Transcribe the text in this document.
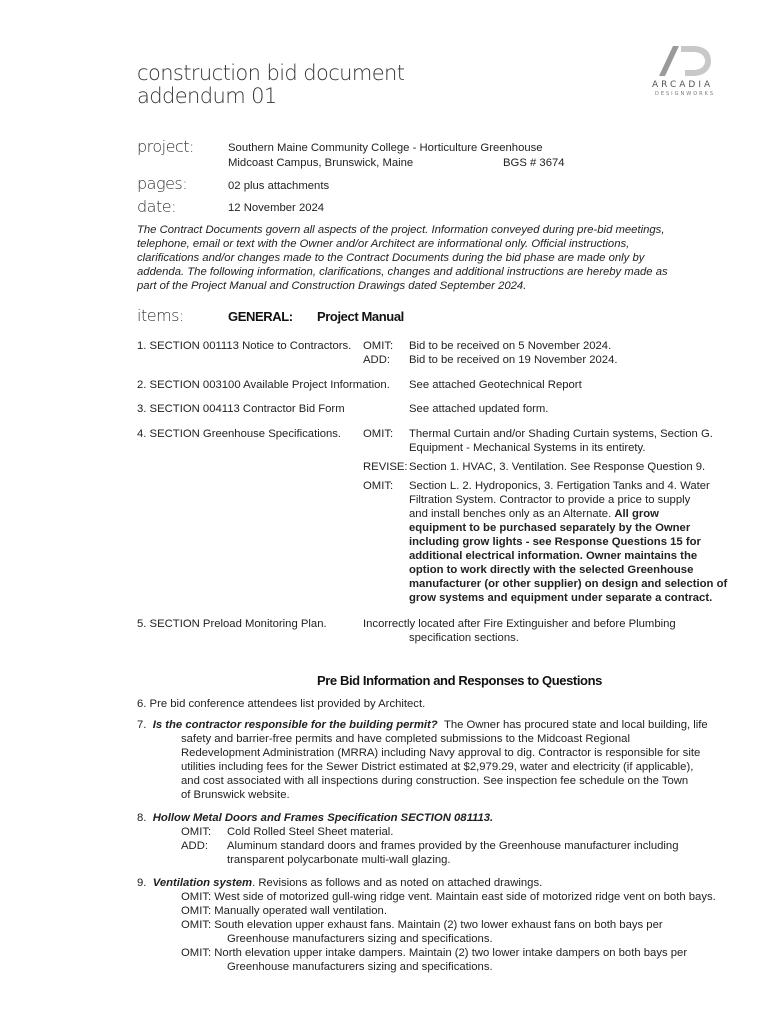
ARCADIA
DESIGNWORKS
construction bid document
addendum 01
project:	Southern Maine Community College - Horticulture Greenhouse
Midcoast Campus, Brunswick, Maine	BGS # 3674
pages:	02 plus attachments
date:	12 November 2024
The Contract Documents govern all aspects of the project. Information conveyed during pre-bid meetings,
telephone, email or text with the Owner and/or Architect are informational only. Official instructions,
clarifications and/or changes made to the Contract Documents during the bid phase are made only by
addenda. The following information, clarifications, changes and additional instructions are hereby made as
part of the Project Manual and Construction Drawings dated September 2024.
items:	GENERAL: Project Manual
1. SECTION 001113 Notice to Contractors. OMIT: Bid to be received on 5 November 2024.
ADD: Bid to be received on 19 November 2024.
2. SECTION 003100 Available Project Information. See attached Geotechnical Report
3. SECTION 004113 Contractor Bid Form	See attached updated form.
4. SECTION Greenhouse Specifications. OMIT: Thermal Curtain and/or Shading Curtain systems, Section G.
Equipment - Mechanical Systems in its entirety.
REVISE: Section 1. HVAC, 3. Ventilation. See Response Question 9.
OMIT: Section L. 2. Hydroponics, 3. Fertigation Tanks and 4. Water
Filtration System. Contractor to provide a price to supply
and install benches only as an Alternate. All grow
equipment to be purchased separately by the Owner
including grow lights - see Response Questions 15 for
additional electrical information. Owner maintains the
option to work directly with the selected Greenhouse
manufacturer (or other supplier) on design and selection of
grow systems and equipment under separate a contract.
5. SECTION Preload Monitoring Plan.	Incorrectly located after Fire Extinguisher and before Plumbing
specification sections.
Pre Bid Information and Responses to Questions
6. Pre bid conference attendees list provided by Architect.
7. Is the contractor responsible for the building permit? The Owner has procured state and local building, life
safety and barrier-free permits and have completed submissions to the Midcoast Regional
Redevelopment Administration (MRRA) including Navy approval to dig. Contractor is responsible for site
utilities including fees for the Sewer District estimated at $2,979.29, water and electricity (if applicable),
and cost associated with all inspections during construction. See inspection fee schedule on the Town
of Brunswick website.
8. Hollow Metal Doors and Frames Specification SECTION 081113.
OMIT: Cold Rolled Steel Sheet material.
ADD: Aluminum standard doors and frames provided by the Greenhouse manufacturer including
transparent polycarbonate multi-wall glazing.
9. Ventilation system. Revisions as follows and as noted on attached drawings.
OMIT: West side of motorized gull-wing ridge vent. Maintain east side of motorized ridge vent on both bays.
OMIT: Manually operated wall ventilation.
OMIT: South elevation upper exhaust fans. Maintain (2) two lower exhaust fans on both bays per
Greenhouse manufacturers sizing and specifications.
OMIT: North elevation upper intake dampers. Maintain (2) two lower intake dampers on both bays per
Greenhouse manufacturers sizing and specifications.
